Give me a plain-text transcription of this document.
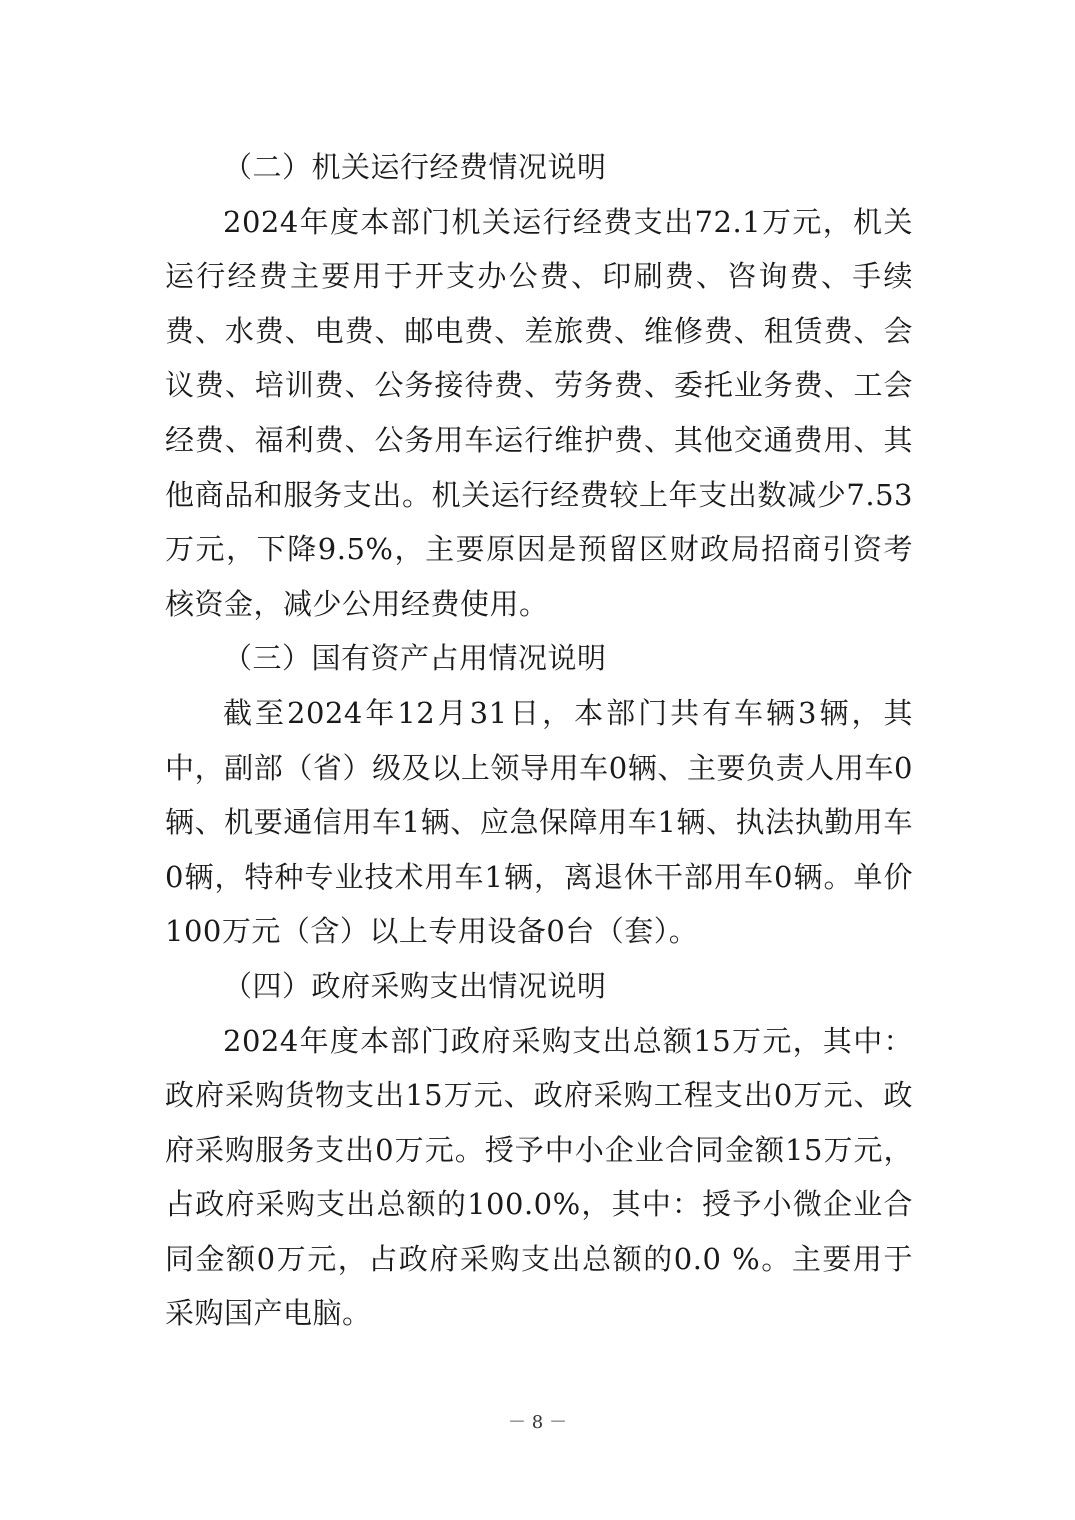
（二）机关运行经费情况说明

2024年度本部门机关运行经费支出72.1万元，机关运行经费主要用于开支办公费、印刷费、咨询费、手续费、水费、电费、邮电费、差旅费、维修费、租赁费、会议费、培训费、公务接待费、劳务费、委托业务费、工会经费、福利费、公务用车运行维护费、其他交通费用、其他商品和服务支出。机关运行经费较上年支出数减少7.53万元，下降9.5%，主要原因是预留区财政局招商引资考核资金，减少公用经费使用。

（三）国有资产占用情况说明

截至2024年12月31日，本部门共有车辆3辆，其中，副部（省）级及以上领导用车0辆、主要负责人用车0辆、机要通信用车1辆、应急保障用车1辆、执法执勤用车0辆，特种专业技术用车1辆，离退休干部用车0辆。单价100万元（含）以上专用设备0台（套）。

（四）政府采购支出情况说明

2024年度本部门政府采购支出总额15万元，其中：政府采购货物支出15万元、政府采购工程支出0万元、政府采购服务支出0万元。授予中小企业合同金额15万元，占政府采购支出总额的100.0%，其中：授予小微企业合同金额0万元，占政府采购支出总额的0.0 %。主要用于采购国产电脑。

－ 8 －
